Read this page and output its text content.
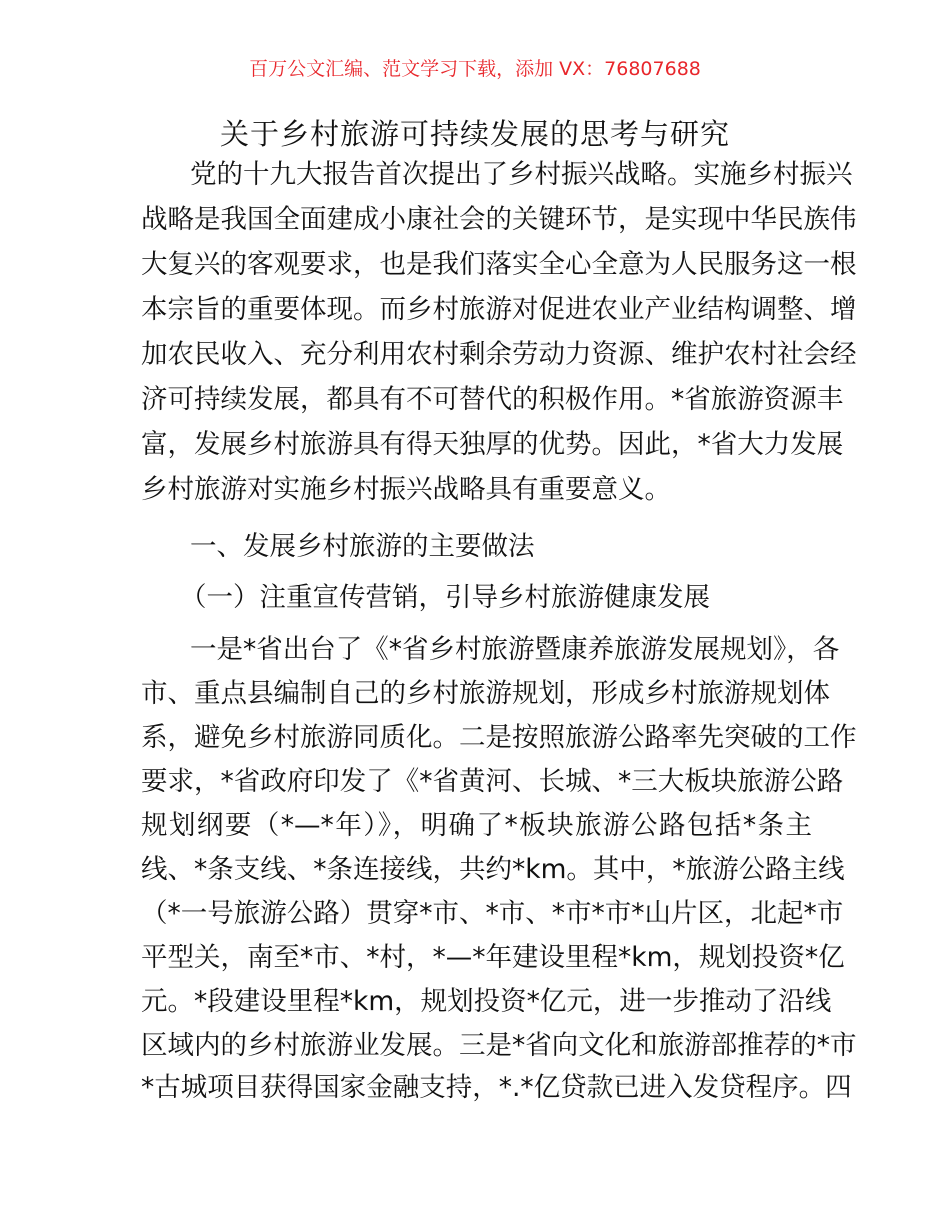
百万公文汇编、范文学习下载，添加 VX：76807688
关于乡村旅游可持续发展的思考与研究
党的十九大报告首次提出了乡村振兴战略。实施乡村振兴
战略是我国全面建成小康社会的关键环节，是实现中华民族伟
大复兴的客观要求，也是我们落实全心全意为人民服务这一根
本宗旨的重要体现。而乡村旅游对促进农业产业结构调整、增
加农民收入、充分利用农村剩余劳动力资源、维护农村社会经
济可持续发展，都具有不可替代的积极作用。*省旅游资源丰
富，发展乡村旅游具有得天独厚的优势。因此，*省大力发展
乡村旅游对实施乡村振兴战略具有重要意义。
一、发展乡村旅游的主要做法
（一）注重宣传营销，引导乡村旅游健康发展
一是*省出台了《*省乡村旅游暨康养旅游发展规划》，各
市、重点县编制自己的乡村旅游规划，形成乡村旅游规划体
系，避免乡村旅游同质化。二是按照旅游公路率先突破的工作
要求，*省政府印发了《*省黄河、长城、*三大板块旅游公路
规划纲要（*—*年）》，明确了*板块旅游公路包括*条主
线、*条支线、*条连接线，共约*km。其中，*旅游公路主线
（*一号旅游公路）贯穿*市、*市、*市*市*山片区，北起*市
平型关，南至*市、*村，*—*年建设里程*km，规划投资*亿
元。*段建设里程*km，规划投资*亿元，进一步推动了沿线
区域内的乡村旅游业发展。三是*省向文化和旅游部推荐的*市
*古城项目获得国家金融支持，*.*亿贷款已进入发贷程序。四
